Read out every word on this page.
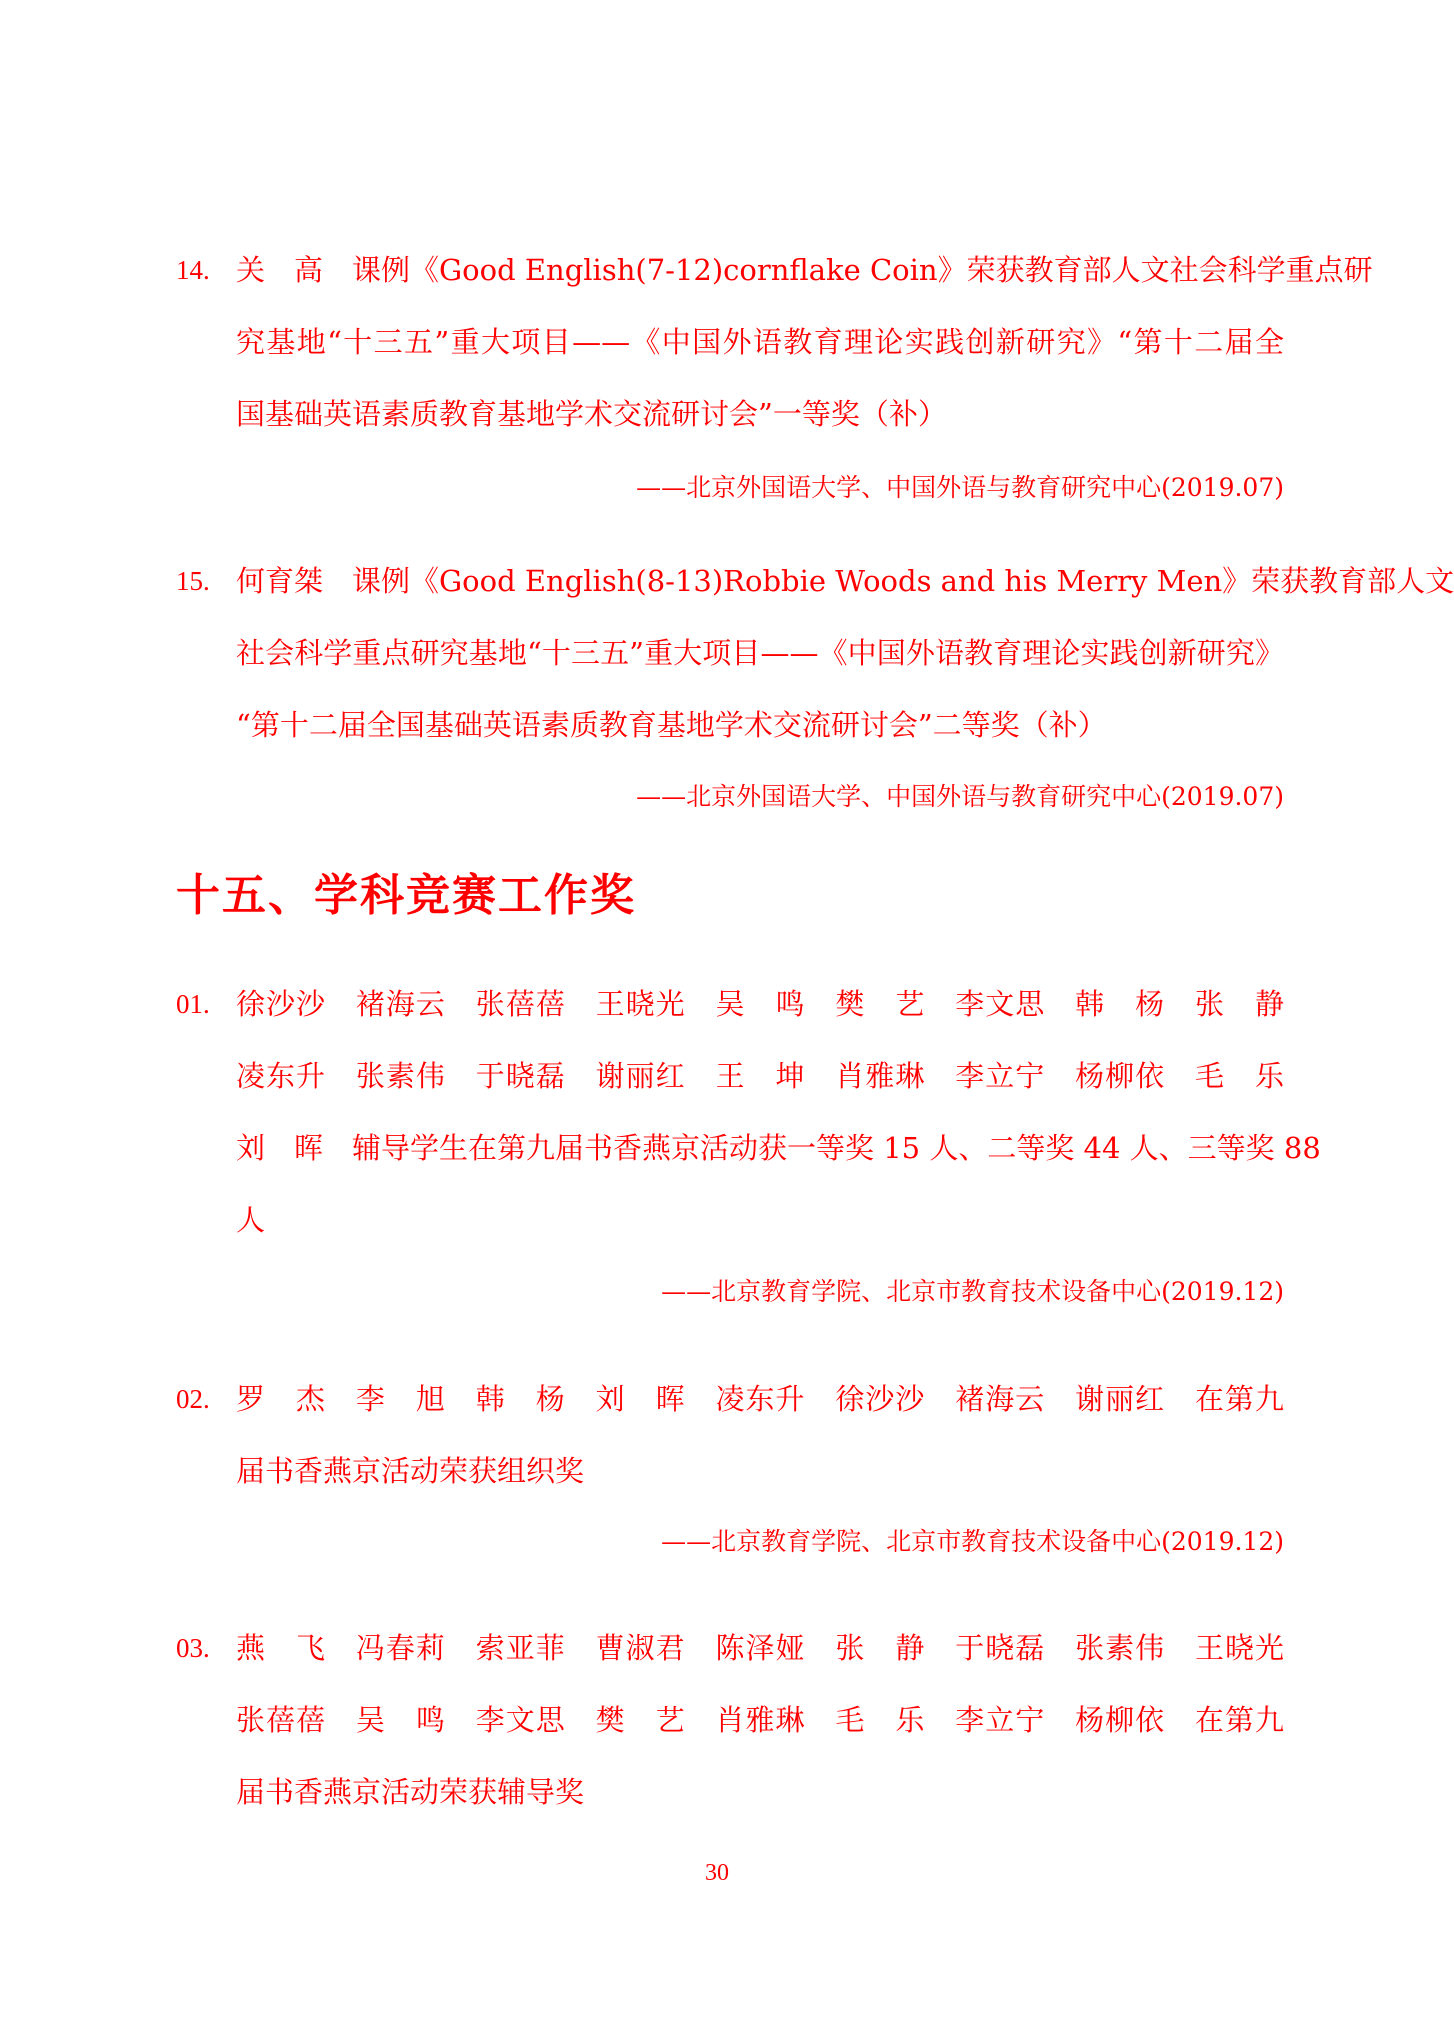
14. 关　高　课例《Good English(7-12)cornflake Coin》荣获教育部人文社会科学重点研
究基地“十三五”重大项目——《中国外语教育理论实践创新研究》“第十二届全
国基础英语素质教育基地学术交流研讨会”一等奖（补）
——北京外国语大学、中国外语与教育研究中心(2019.07)
15. 何育桀　课例《Good English(8-13)Robbie Woods and his Merry Men》荣获教育部人文
社会科学重点研究基地“十三五”重大项目——《中国外语教育理论实践创新研究》
“第十二届全国基础英语素质教育基地学术交流研讨会”二等奖（补）
——北京外国语大学、中国外语与教育研究中心(2019.07)
十五、学科竞赛工作奖
01. 徐沙沙　褚海云　张蓓蓓　王晓光　吴　鸣　樊　艺　李文思　韩　杨　张　静
凌东升　张素伟　于晓磊　谢丽红　王　坤　肖雅琳　李立宁　杨柳依　毛　乐
刘　晖　辅导学生在第九届书香燕京活动获一等奖 15 人、二等奖 44 人、三等奖 88
人
——北京教育学院、北京市教育技术设备中心(2019.12)
02. 罗　杰　李　旭　韩　杨　刘　晖　凌东升　徐沙沙　褚海云　谢丽红　在第九
届书香燕京活动荣获组织奖
——北京教育学院、北京市教育技术设备中心(2019.12)
03. 燕　飞　冯春莉　索亚菲　曹淑君　陈泽娅　张　静　于晓磊　张素伟　王晓光
张蓓蓓　吴　鸣　李文思　樊　艺　肖雅琳　毛　乐　李立宁　杨柳依　在第九
届书香燕京活动荣获辅导奖
30
